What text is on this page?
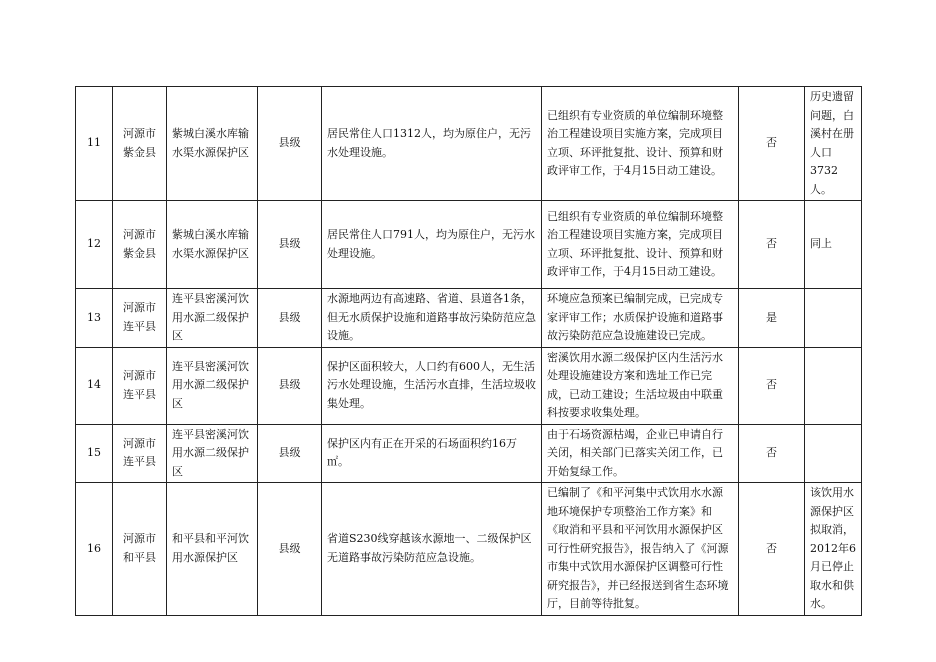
11	河源市紫金县	紫城白溪水库输水渠水源保护区	县级	居民常住人口1312人，均为原住户，无污水处理设施。	已组织有专业资质的单位编制环境整治工程建设项目实施方案，完成项目立项、环评批复批、设计、预算和财政评审工作，于4月15日动工建设。	否	历史遗留问题，白溪村在册人口3732人。
12	河源市紫金县	紫城白溪水库输水渠水源保护区	县级	居民常住人口791人，均为原住户，无污水处理设施。	已组织有专业资质的单位编制环境整治工程建设项目实施方案，完成项目立项、环评批复批、设计、预算和财政评审工作，于4月15日动工建设。	否	同上
13	河源市连平县	连平县密溪河饮用水源二级保护区	县级	水源地两边有高速路、省道、县道各1条，但无水质保护设施和道路事故污染防范应急设施。	环境应急预案已编制完成，已完成专家评审工作；水质保护设施和道路事故污染防范应急设施建设已完成。	是	
14	河源市连平县	连平县密溪河饮用水源二级保护区	县级	保护区面积较大，人口约有600人，无生活污水处理设施，生活污水直排，生活垃圾收集处理。	密溪饮用水源二级保护区内生活污水处理设施建设方案和选址工作已完成，已动工建设；生活垃圾由中联重科按要求收集处理。	否	
15	河源市连平县	连平县密溪河饮用水源二级保护区	县级	保护区内有正在开采的石场面积约16万㎡。	由于石场资源枯竭，企业已申请自行关闭，相关部门已落实关闭工作，已开始复绿工作。	否	
16	河源市和平县	和平县和平河饮用水源保护区	县级	省道S230线穿越该水源地一、二级保护区无道路事故污染防范应急设施。	已编制了《和平河集中式饮用水水源地环境保护专项整治工作方案》和《取消和平县和平河饮用水源保护区可行性研究报告》，报告纳入了《河源市集中式饮用水源保护区调整可行性研究报告》，并已经报送到省生态环境厅，目前等待批复。	否	该饮用水源保护区拟取消，2012年6月已停止取水和供水。
